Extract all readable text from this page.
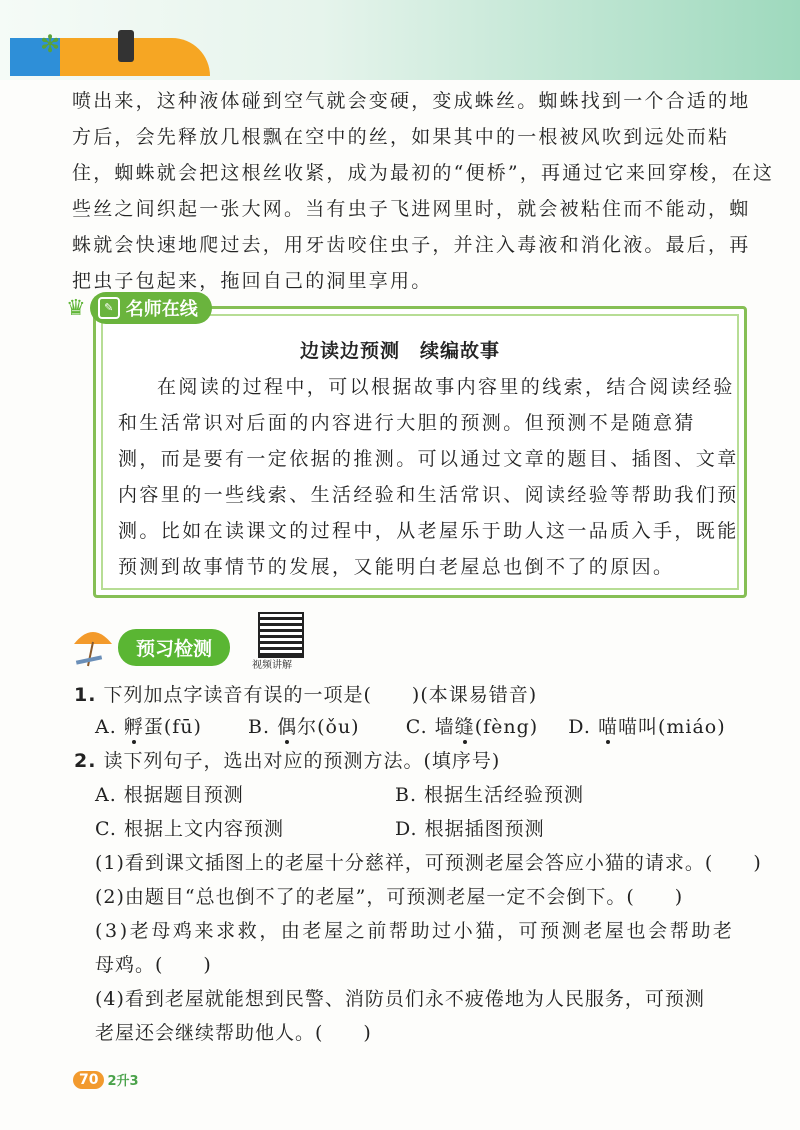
✻

喷出来，这种液体碰到空气就会变硬，变成蛛丝。蜘蛛找到一个合适的地

方后，会先释放几根飘在空中的丝，如果其中的一根被风吹到远处而粘

住，蜘蛛就会把这根丝收紧，成为最初的“便桥”，再通过它来回穿梭，在这

些丝之间织起一张大网。当有虫子飞进网里时，就会被粘住而不能动，蜘

蛛就会快速地爬过去，用牙齿咬住虫子，并注入毒液和消化液。最后，再

把虫子包起来，拖回自己的洞里享用。

♛	✎ 名师在线
边读边预测　续编故事

在阅读的过程中，可以根据故事内容里的线索，结合阅读经验

和生活常识对后面的内容进行大胆的预测。但预测不是随意猜

测，而是要有一定依据的推测。可以通过文章的题目、插图、文章

内容里的一些线索、生活经验和生活常识、阅读经验等帮助我们预

测。比如在读课文的过程中，从老屋乐于助人这一品质入手，既能

预测到故事情节的发展，又能明白老屋总也倒不了的原因。

预习检测
视频讲解

1. 下列加点字读音有误的一项是(　　)(本课易错音)

A. 孵蛋(fū) B. 偶尔(ǒu) C. 墙缝(fèng) D. 喵喵叫(miáo)

2. 读下列句子，选出对应的预测方法。(填序号)

A. 根据题目预测	B. 根据生活经验预测

C. 根据上文内容预测	D. 根据插图预测

(1)看到课文插图上的老屋十分慈祥，可预测老屋会答应小猫的请求。(　　)

(2)由题目“总也倒不了的老屋”，可预测老屋一定不会倒下。(　　)

(3)老母鸡来求救，由老屋之前帮助过小猫，可预测老屋也会帮助老

母鸡。(　　)

(4)看到老屋就能想到民警、消防员们永不疲倦地为人民服务，可预测

老屋还会继续帮助他人。(　　)

70 2升3
